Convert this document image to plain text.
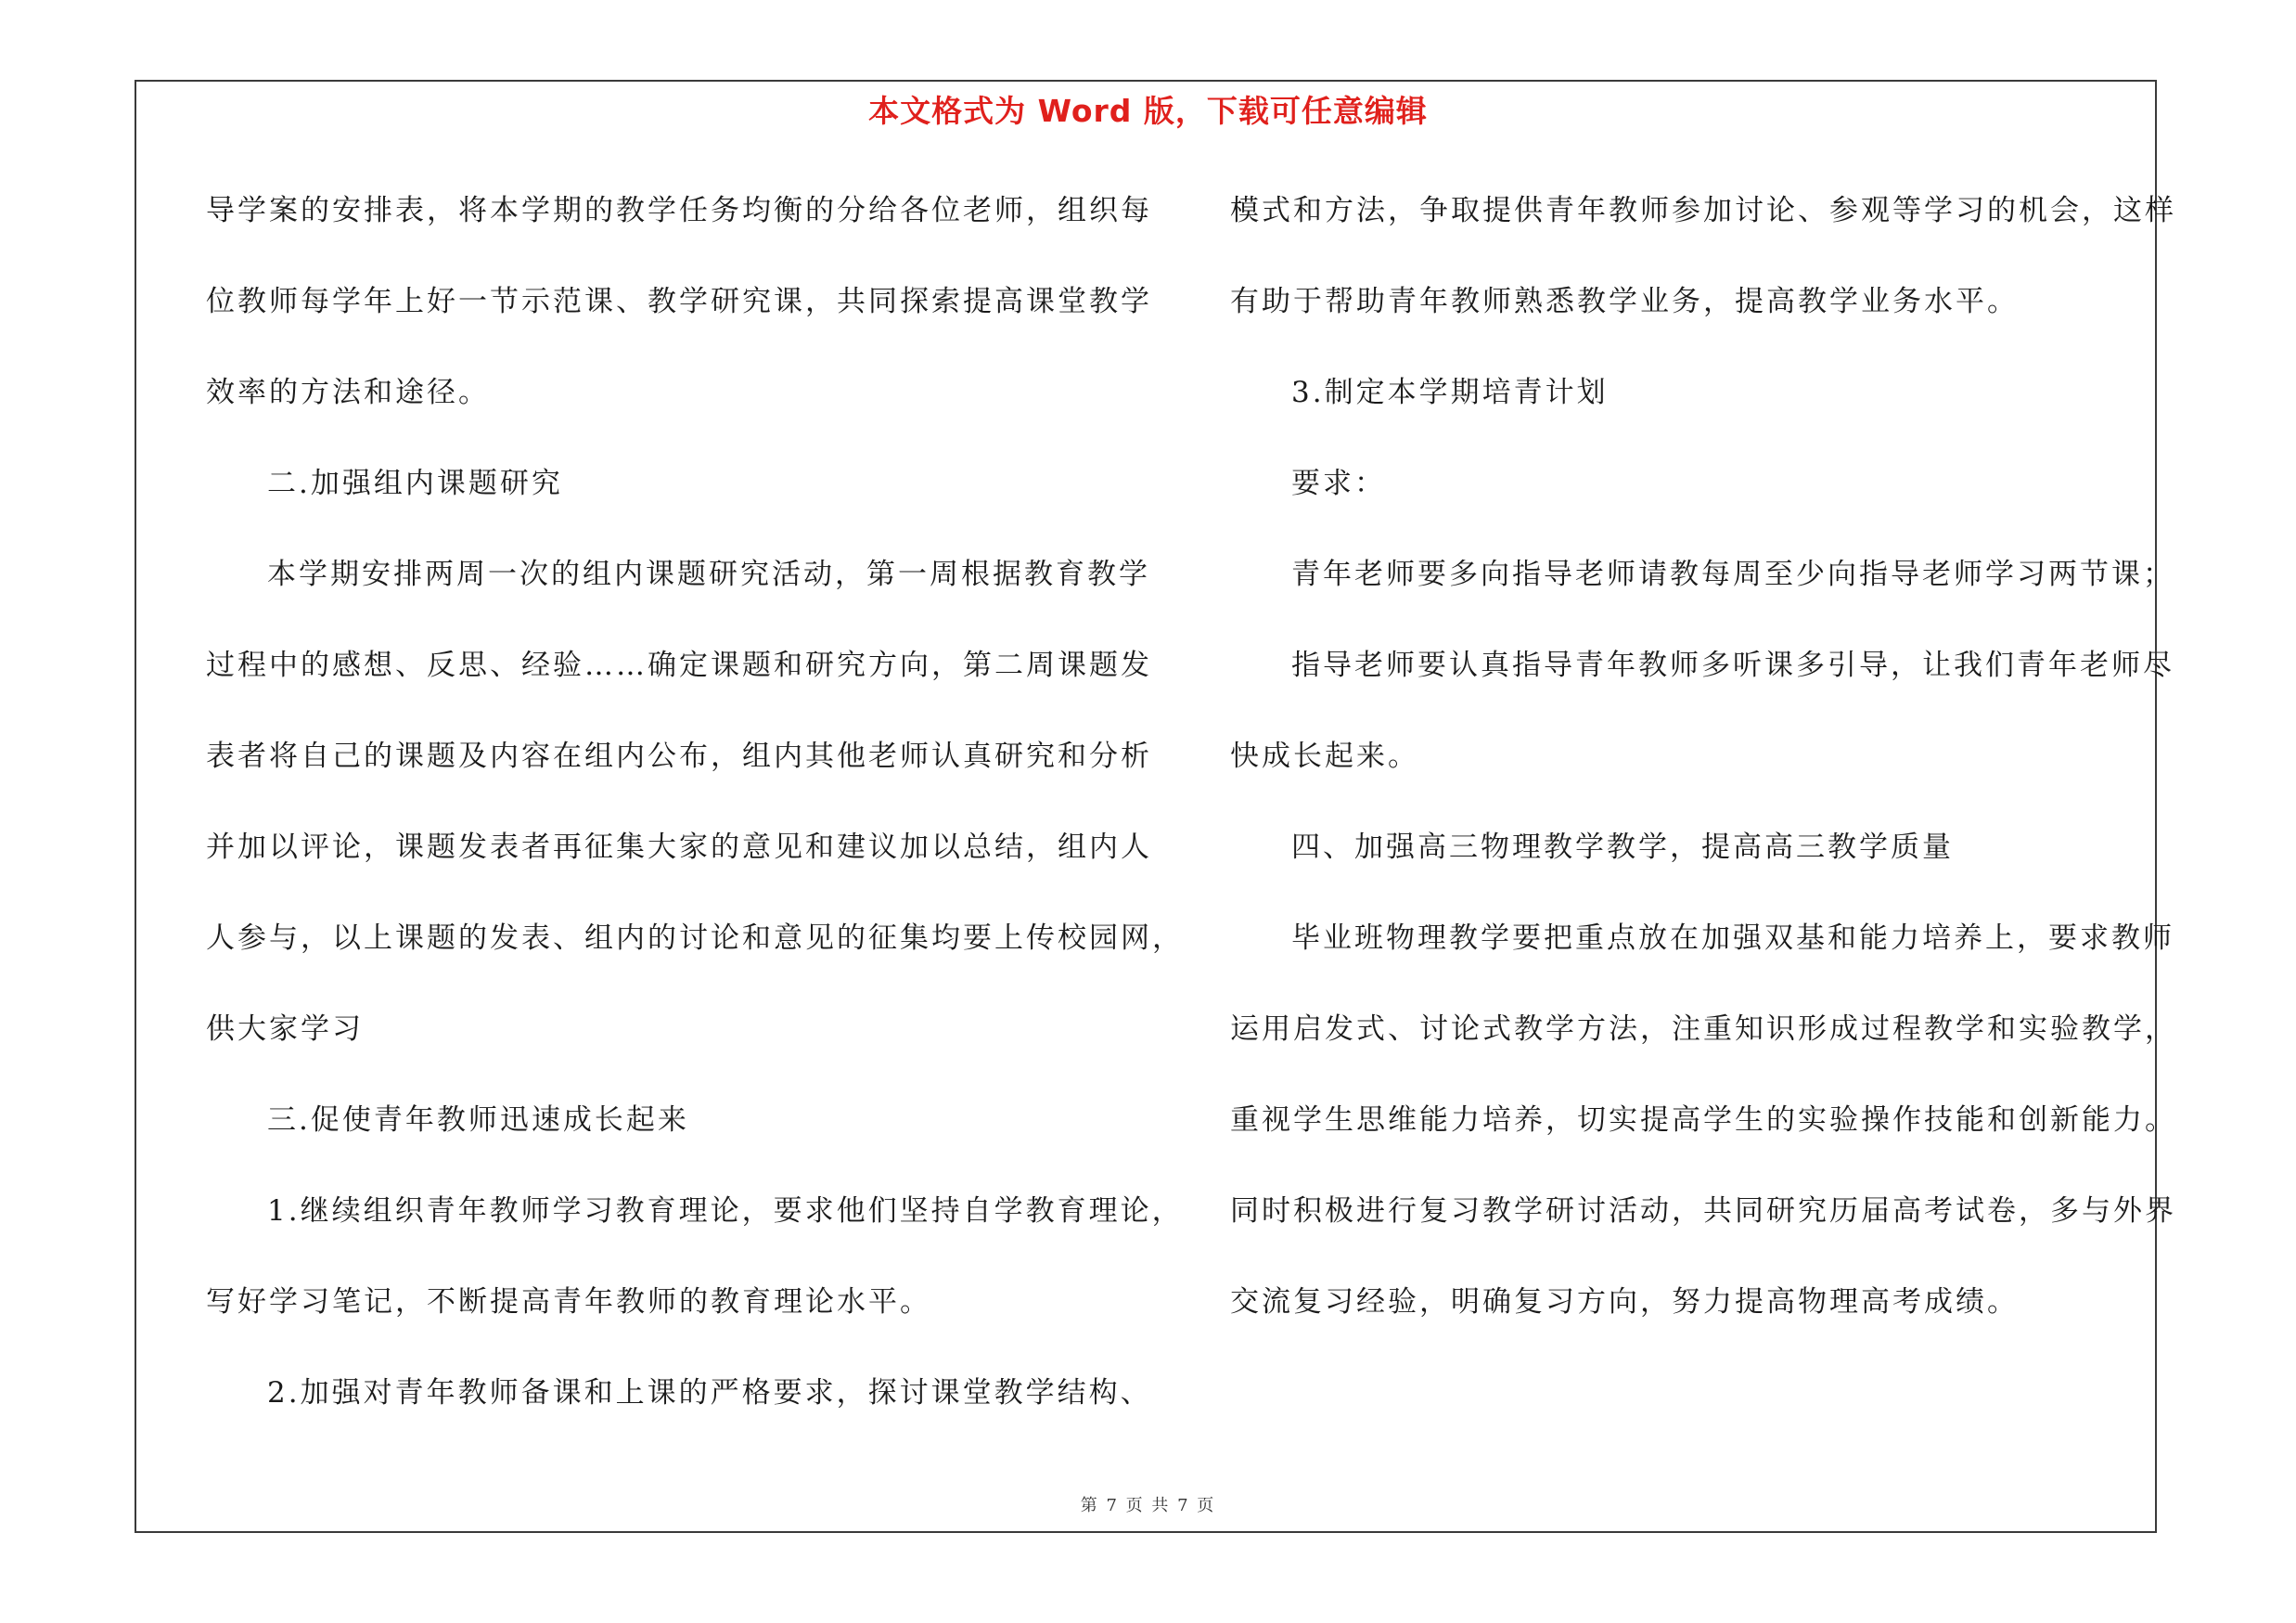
本文格式为 Word 版，下载可任意编辑
导学案的安排表，将本学期的教学任务均衡的分给各位老师，组织每
位教师每学年上好一节示范课、教学研究课，共同探索提高课堂教学
效率的方法和途径。
二.加强组内课题研究
本学期安排两周一次的组内课题研究活动，第一周根据教育教学
过程中的感想、反思、经验……确定课题和研究方向，第二周课题发
表者将自己的课题及内容在组内公布，组内其他老师认真研究和分析
并加以评论，课题发表者再征集大家的意见和建议加以总结，组内人
人参与，以上课题的发表、组内的讨论和意见的征集均要上传校园网，
供大家学习
三.促使青年教师迅速成长起来
1.继续组织青年教师学习教育理论，要求他们坚持自学教育理论，
写好学习笔记，不断提高青年教师的教育理论水平。
2.加强对青年教师备课和上课的严格要求，探讨课堂教学结构、
模式和方法，争取提供青年教师参加讨论、参观等学习的机会，这样
有助于帮助青年教师熟悉教学业务，提高教学业务水平。
3.制定本学期培青计划
要求：
青年老师要多向指导老师请教每周至少向指导老师学习两节课；
指导老师要认真指导青年教师多听课多引导，让我们青年老师尽
快成长起来。
四、加强高三物理教学教学，提高高三教学质量
毕业班物理教学要把重点放在加强双基和能力培养上，要求教师
运用启发式、讨论式教学方法，注重知识形成过程教学和实验教学，
重视学生思维能力培养，切实提高学生的实验操作技能和创新能力。
同时积极进行复习教学研讨活动，共同研究历届高考试卷，多与外界
交流复习经验，明确复习方向，努力提高物理高考成绩。
第 7 页 共 7 页
